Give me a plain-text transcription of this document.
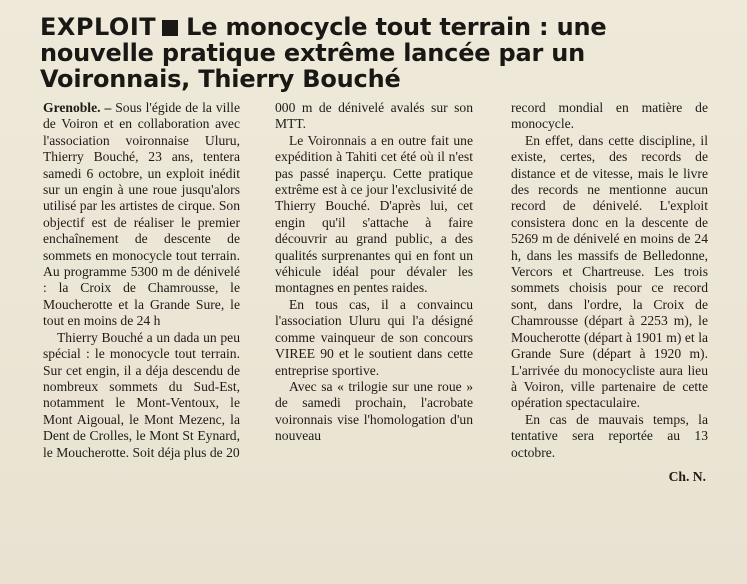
EXPLOIT Le monocycle tout terrain : une nouvelle pratique extrême lancée par un Voironnais, Thierry Bouché

Grenoble. – Sous l'égide de la ville de Voiron et en collaboration avec l'association voironnaise Uluru, Thierry Bouché, 23 ans, tentera samedi 6 octobre, un exploit inédit sur un engin à une roue jusqu'alors utilisé par les artistes de cirque. Son objectif est de réaliser le premier enchaînement de descente de sommets en monocycle tout terrain. Au programme 5300 m de dénivelé : la Croix de Chamrousse, le Moucherotte et la Grande Sure, le tout en moins de 24 h

Thierry Bouché a un dada un peu spécial : le monocycle tout terrain. Sur cet engin, il a déja descendu de nombreux sommets du Sud-Est, notamment le Mont-Ventoux, le Mont Aigoual, le Mont Mezenc, la Dent de Crolles, le Mont St Eynard, le Moucherotte. Soit déja plus de 20

000 m de dénivelé avalés sur son MTT.

Le Voironnais a en outre fait une expédition à Tahiti cet été où il n'est pas passé inaperçu. Cette pratique extrême est à ce jour l'exclusivité de Thierry Bouché. D'après lui, cet engin qu'il s'attache à faire découvrir au grand public, a des qualités surprenantes qui en font un véhicule idéal pour dévaler les montagnes en pentes raides.

En tous cas, il a convaincu l'association Uluru qui l'a désigné comme vainqueur de son concours VIREE 90 et le soutient dans cette entreprise sportive.

Avec sa « trilogie sur une roue » de samedi prochain, l'acrobate voironnais vise l'homologation d'un nouveau

record mondial en matière de monocycle.

En effet, dans cette discipline, il existe, certes, des records de distance et de vitesse, mais le livre des records ne mentionne aucun record de dénivelé. L'exploit consistera donc en la descente de 5269 m de dénivelé en moins de 24 h, dans les massifs de Belledonne, Vercors et Chartreuse. Les trois sommets choisis pour ce record sont, dans l'ordre, la Croix de Chamrousse (départ à 2253 m), le Moucherotte (départ à 1901 m) et la Grande Sure (départ à 1920 m). L'arrivée du monocycliste aura lieu à Voiron, ville partenaire de cette opération spectaculaire.

En cas de mauvais temps, la tentative sera reportée au 13 octobre.

Ch. N.
